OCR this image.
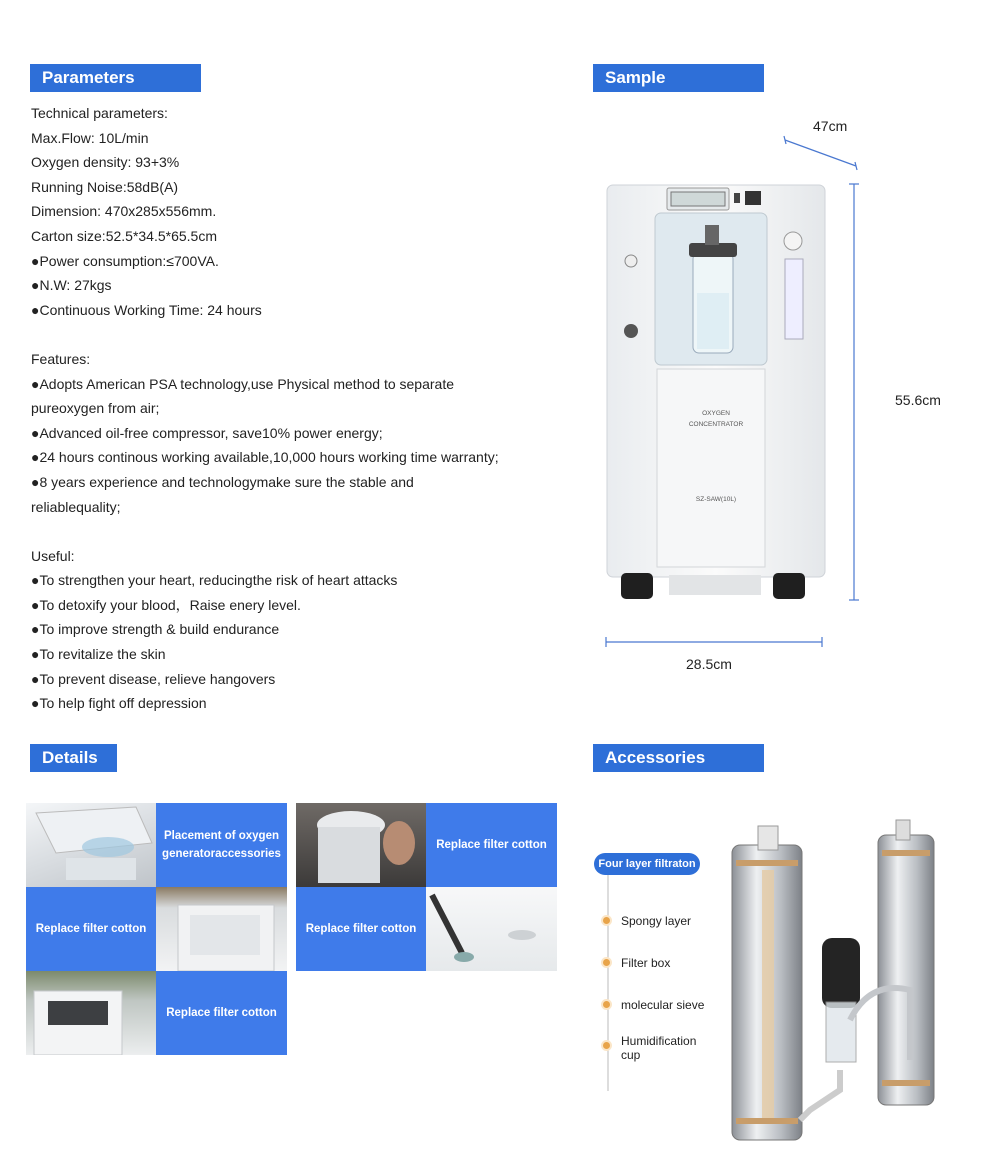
Parameters	Sample
Details	Accessories
Technical parameters:
Max.Flow: 10L/min
Oxygen density: 93+3%
Running Noise:58dB(A)
Dimension: 470x285x556mm.
Carton size:52.5*34.5*65.5cm
●Power consumption:≤700VA.
●N.W: 27kgs
●Continuous Working Time: 24 hours
Features:
●Adopts American PSA technology,use Physical method to separate pureoxygen from air;
●Advanced oil-free compressor, save10% power energy;
●24 hours continous working available,10,000 hours working time warranty;
●8 years experience and technologymake sure the stable and reliablequality;
Useful:
●To strengthen your heart, reducingthe risk of heart attacks
●To detoxify your blood，Raise enery level.
●To improve strength & build endurance
●To revitalize the skin
●To prevent disease, relieve hangovers
●To help fight off depression
47cm
55.6cm
28.5cm
OXYGEN
CONCENTRATOR
SZ-SAW(10L)
Placement of oxygen generatoraccessories
Replace filter cotton
Replace filter cotton
Replace filter cotton
Replace filter cotton
Four layer filtraton
Spongy layer
Filter box
molecular sieve
Humidification cup
